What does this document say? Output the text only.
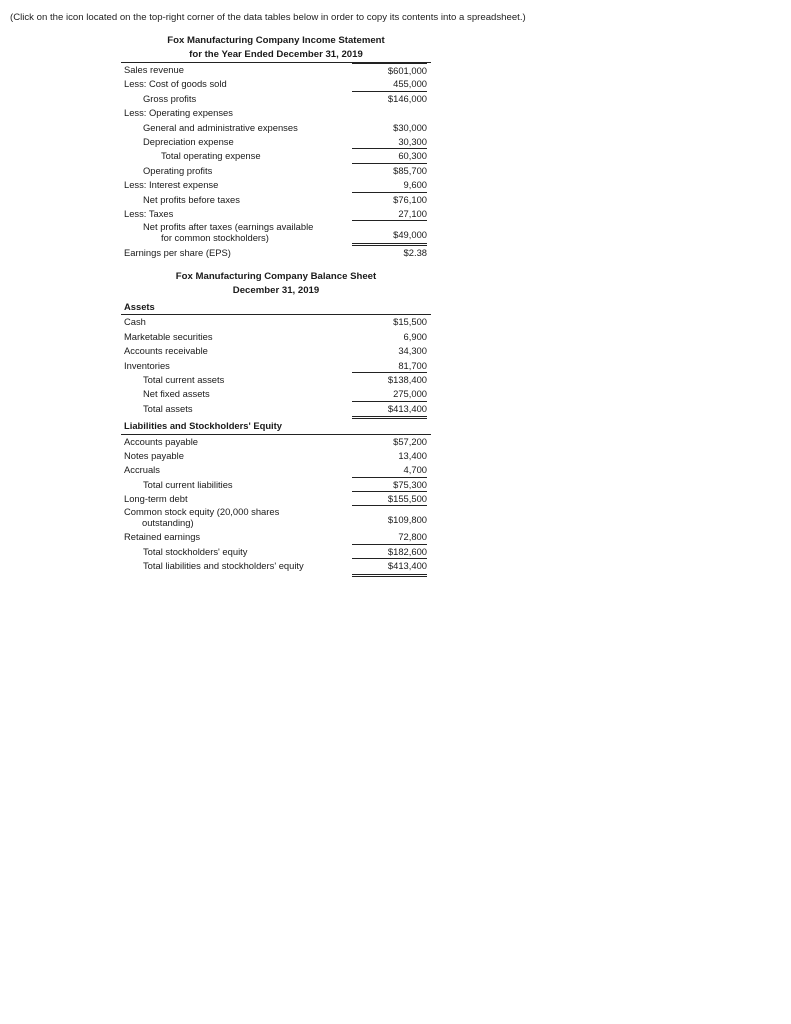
(Click on the icon located on the top-right corner of the data tables below in order to copy its contents into a spreadsheet.)
Fox Manufacturing Company Income Statement
for the Year Ended December 31, 2019
Sales revenue	$601,000
Less: Cost of goods sold	455,000
Gross profits	$146,000
Less: Operating expenses
General and administrative expenses	$30,000
Depreciation expense	30,300
Total operating expense	60,300
Operating profits	$85,700
Less: Interest expense	9,600
Net profits before taxes	$76,100
Less: Taxes	27,100
Net profits after taxes (earnings available
for common stockholders)	$49,000
Earnings per share (EPS)	$2.38
Fox Manufacturing Company Balance Sheet
December 31, 2019
Assets
Cash	$15,500
Marketable securities	6,900
Accounts receivable	34,300
Inventories	81,700
Total current assets	$138,400
Net fixed assets	275,000
Total assets	$413,400
Liabilities and Stockholders' Equity
Accounts payable	$57,200
Notes payable	13,400
Accruals	4,700
Total current liabilities	$75,300
Long-term debt	$155,500
Common stock equity (20,000 shares
outstanding)	$109,800
Retained earnings	72,800
Total stockholders' equity	$182,600
Total liabilities and stockholders' equity	$413,400
